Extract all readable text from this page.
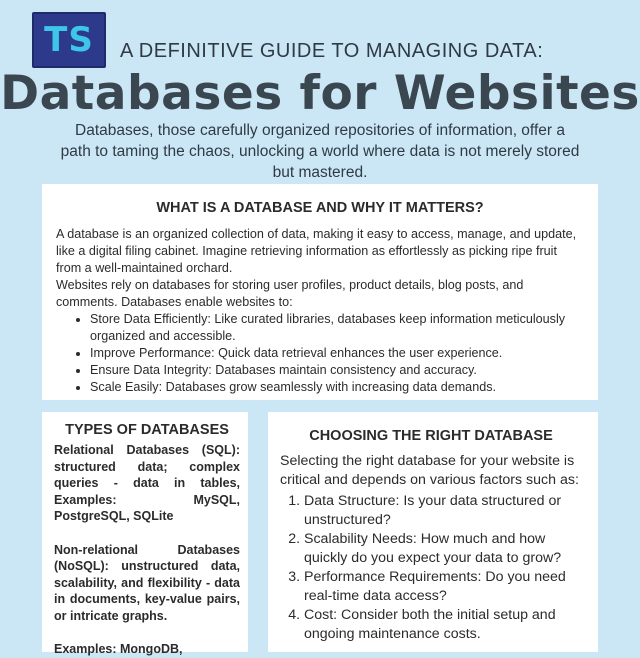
TS	A DEFINITIVE GUIDE TO MANAGING DATA:
Databases for Websites
Databases, those carefully organized repositories of information, offer a path to taming the chaos, unlocking a world where data is not merely stored but mastered.
WHAT IS A DATABASE AND WHY IT MATTERS?

A database is an organized collection of data, making it easy to access, manage, and update, like a digital filing cabinet. Imagine retrieving information as effortlessly as picking ripe fruit from a well-maintained orchard.

Websites rely on databases for storing user profiles, product details, blog posts, and comments. Databases enable websites to:

• Store Data Efficiently: Like curated libraries, databases keep information meticulously organized and accessible.
• Improve Performance: Quick data retrieval enhances the user experience.
• Ensure Data Integrity: Databases maintain consistency and accuracy.
• Scale Easily: Databases grow seamlessly with increasing data demands.
TYPES OF DATABASES

Relational Databases (SQL): structured data; complex queries - data in tables, Examples: MySQL, PostgreSQL, SQLite

Non-relational Databases (NoSQL): unstructured data, scalability, and flexibility - data in documents, key-value pairs, or intricate graphs.

Examples: MongoDB,

CHOOSING THE RIGHT DATABASE

Selecting the right database for your website is critical and depends on various factors such as:

1. Data Structure: Is your data structured or unstructured?
2. Scalability Needs: How much and how quickly do you expect your data to grow?
3. Performance Requirements: Do you need real-time data access?
4. Cost: Consider both the initial setup and ongoing maintenance costs.
